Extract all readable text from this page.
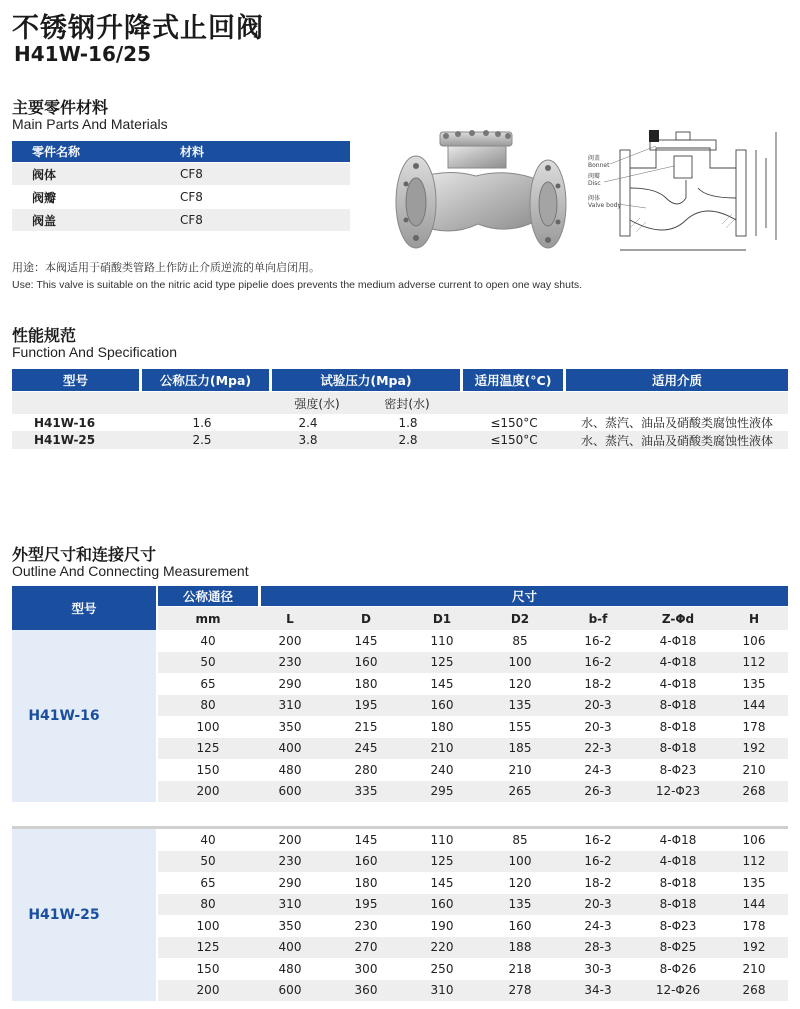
不锈钢升降式止回阀
H41W-16/25
主要零件材料
Main Parts And Materials
零件名称	材料
阀体	CF8
阀瓣	CF8
阀盖	CF8
阀盖
Bonnet
阀瓣
Disc
阀体
Valve body
用途：本阀适用于硝酸类管路上作防止介质逆流的单向启闭用。
Use: This valve is suitable on the nitric acid type pipelie does prevents the medium adverse current to open one way shuts.
性能规范
Function And Specification
型号	公称压力(Mpa)	试验压力(Mpa)	适用温度(°C)	适用介质
强度(水)	密封(水)
H41W-16	1.6	2.4	1.8	≤150°C	水、蒸汽、油品及硝酸类腐蚀性液体
H41W-25	2.5	3.8	2.8	≤150°C	水、蒸汽、油品及硝酸类腐蚀性液体
外型尺寸和连接尺寸
Outline And Connecting Measurement
型号
公称通径	尺寸
mm	L	D	D1	D2	b-f	Z-Φd	H
H41W-16
H41W-25
40	200	145	110	85	16-2	4-Φ18	106
50	230	160	125	100	16-2	4-Φ18	112
65	290	180	145	120	18-2	4-Φ18	135
80	310	195	160	135	20-3	8-Φ18	144
100	350	215	180	155	20-3	8-Φ18	178
125	400	245	210	185	22-3	8-Φ18	192
150	480	280	240	210	24-3	8-Φ23	210
200	600	335	295	265	26-3	12-Φ23	268
40	200	145	110	85	16-2	4-Φ18	106
50	230	160	125	100	16-2	4-Φ18	112
65	290	180	145	120	18-2	8-Φ18	135
80	310	195	160	135	20-3	8-Φ18	144
100	350	230	190	160	24-3	8-Φ23	178
125	400	270	220	188	28-3	8-Φ25	192
150	480	300	250	218	30-3	8-Φ26	210
200	600	360	310	278	34-3	12-Φ26	268
